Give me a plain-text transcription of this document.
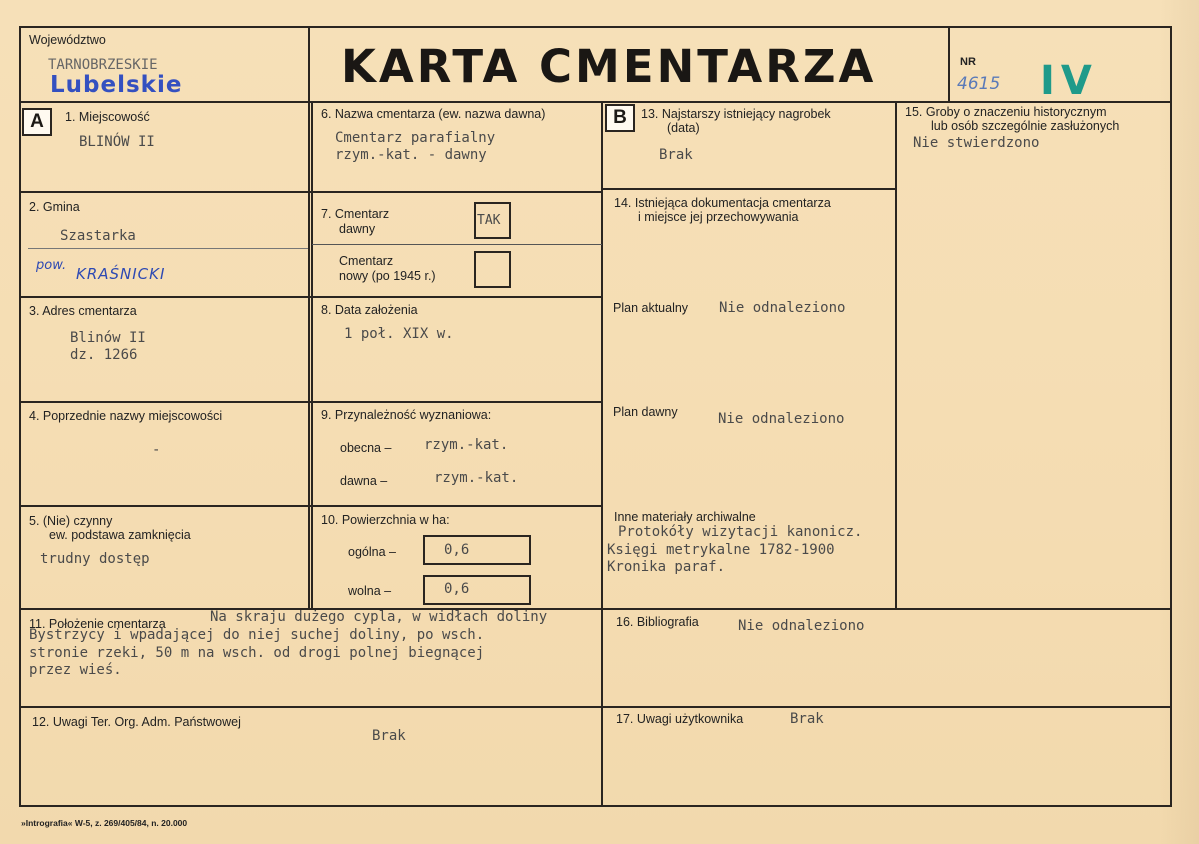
Województwo
TARNOBRZESKIE
Lubelskie	KARTA CMENTARZA	NR
4615 IV
A	B
1. Miejscowość
BLINÓW II
2. Gmina
Szastarka
pow. KRAŚNICKI
3. Adres cmentarza
Blinów II
dz. 1266
4. Poprzednie nazwy miejscowości
-
5. (Nie) czynny
ew. podstawa zamknięcia
trudny dostęp
6. Nazwa cmentarza (ew. nazwa dawna)
Cmentarz parafialny
rzym.-kat. - dawny
7. Cmentarz
dawny
TAK
Cmentarz
nowy (po 1945 r.)
8. Data założenia
1 poł. XIX w.
9. Przynależność wyznaniowa:
obecna – rzym.-kat.
dawna –	rzym.-kat.
10. Powierzchnia w ha:
ogólna –	0,6
wolna –	0,6
13. Najstarszy istniejący nagrobek
(data)
Brak
14. Istniejąca dokumentacja cmentarza
i miejsce jej przechowywania
Plan aktualny Nie odnaleziono
Plan dawny	Nie odnaleziono
Inne materiały archiwalne
Protokóły wizytacji kanonicz.
Księgi metrykalne 1782-1900
Kronika paraf.
15. Groby o znaczeniu historycznym
lub osób szczególnie zasłużonych
Nie stwierdzono
11. Położenie cmentarza	Na skraju dużego cypla, w widłach doliny
Bystrzycy i wpadającej do niej suchej doliny, po wsch.
stronie rzeki, 50 m na wsch. od drogi polnej biegnącej
przez wieś.
16. Bibliografia	Nie odnaleziono
12. Uwagi Ter. Org. Adm. Państwowej
Brak
17. Uwagi użytkownika	Brak
»Intrografia« W-5, z. 269/405/84, n. 20.000
